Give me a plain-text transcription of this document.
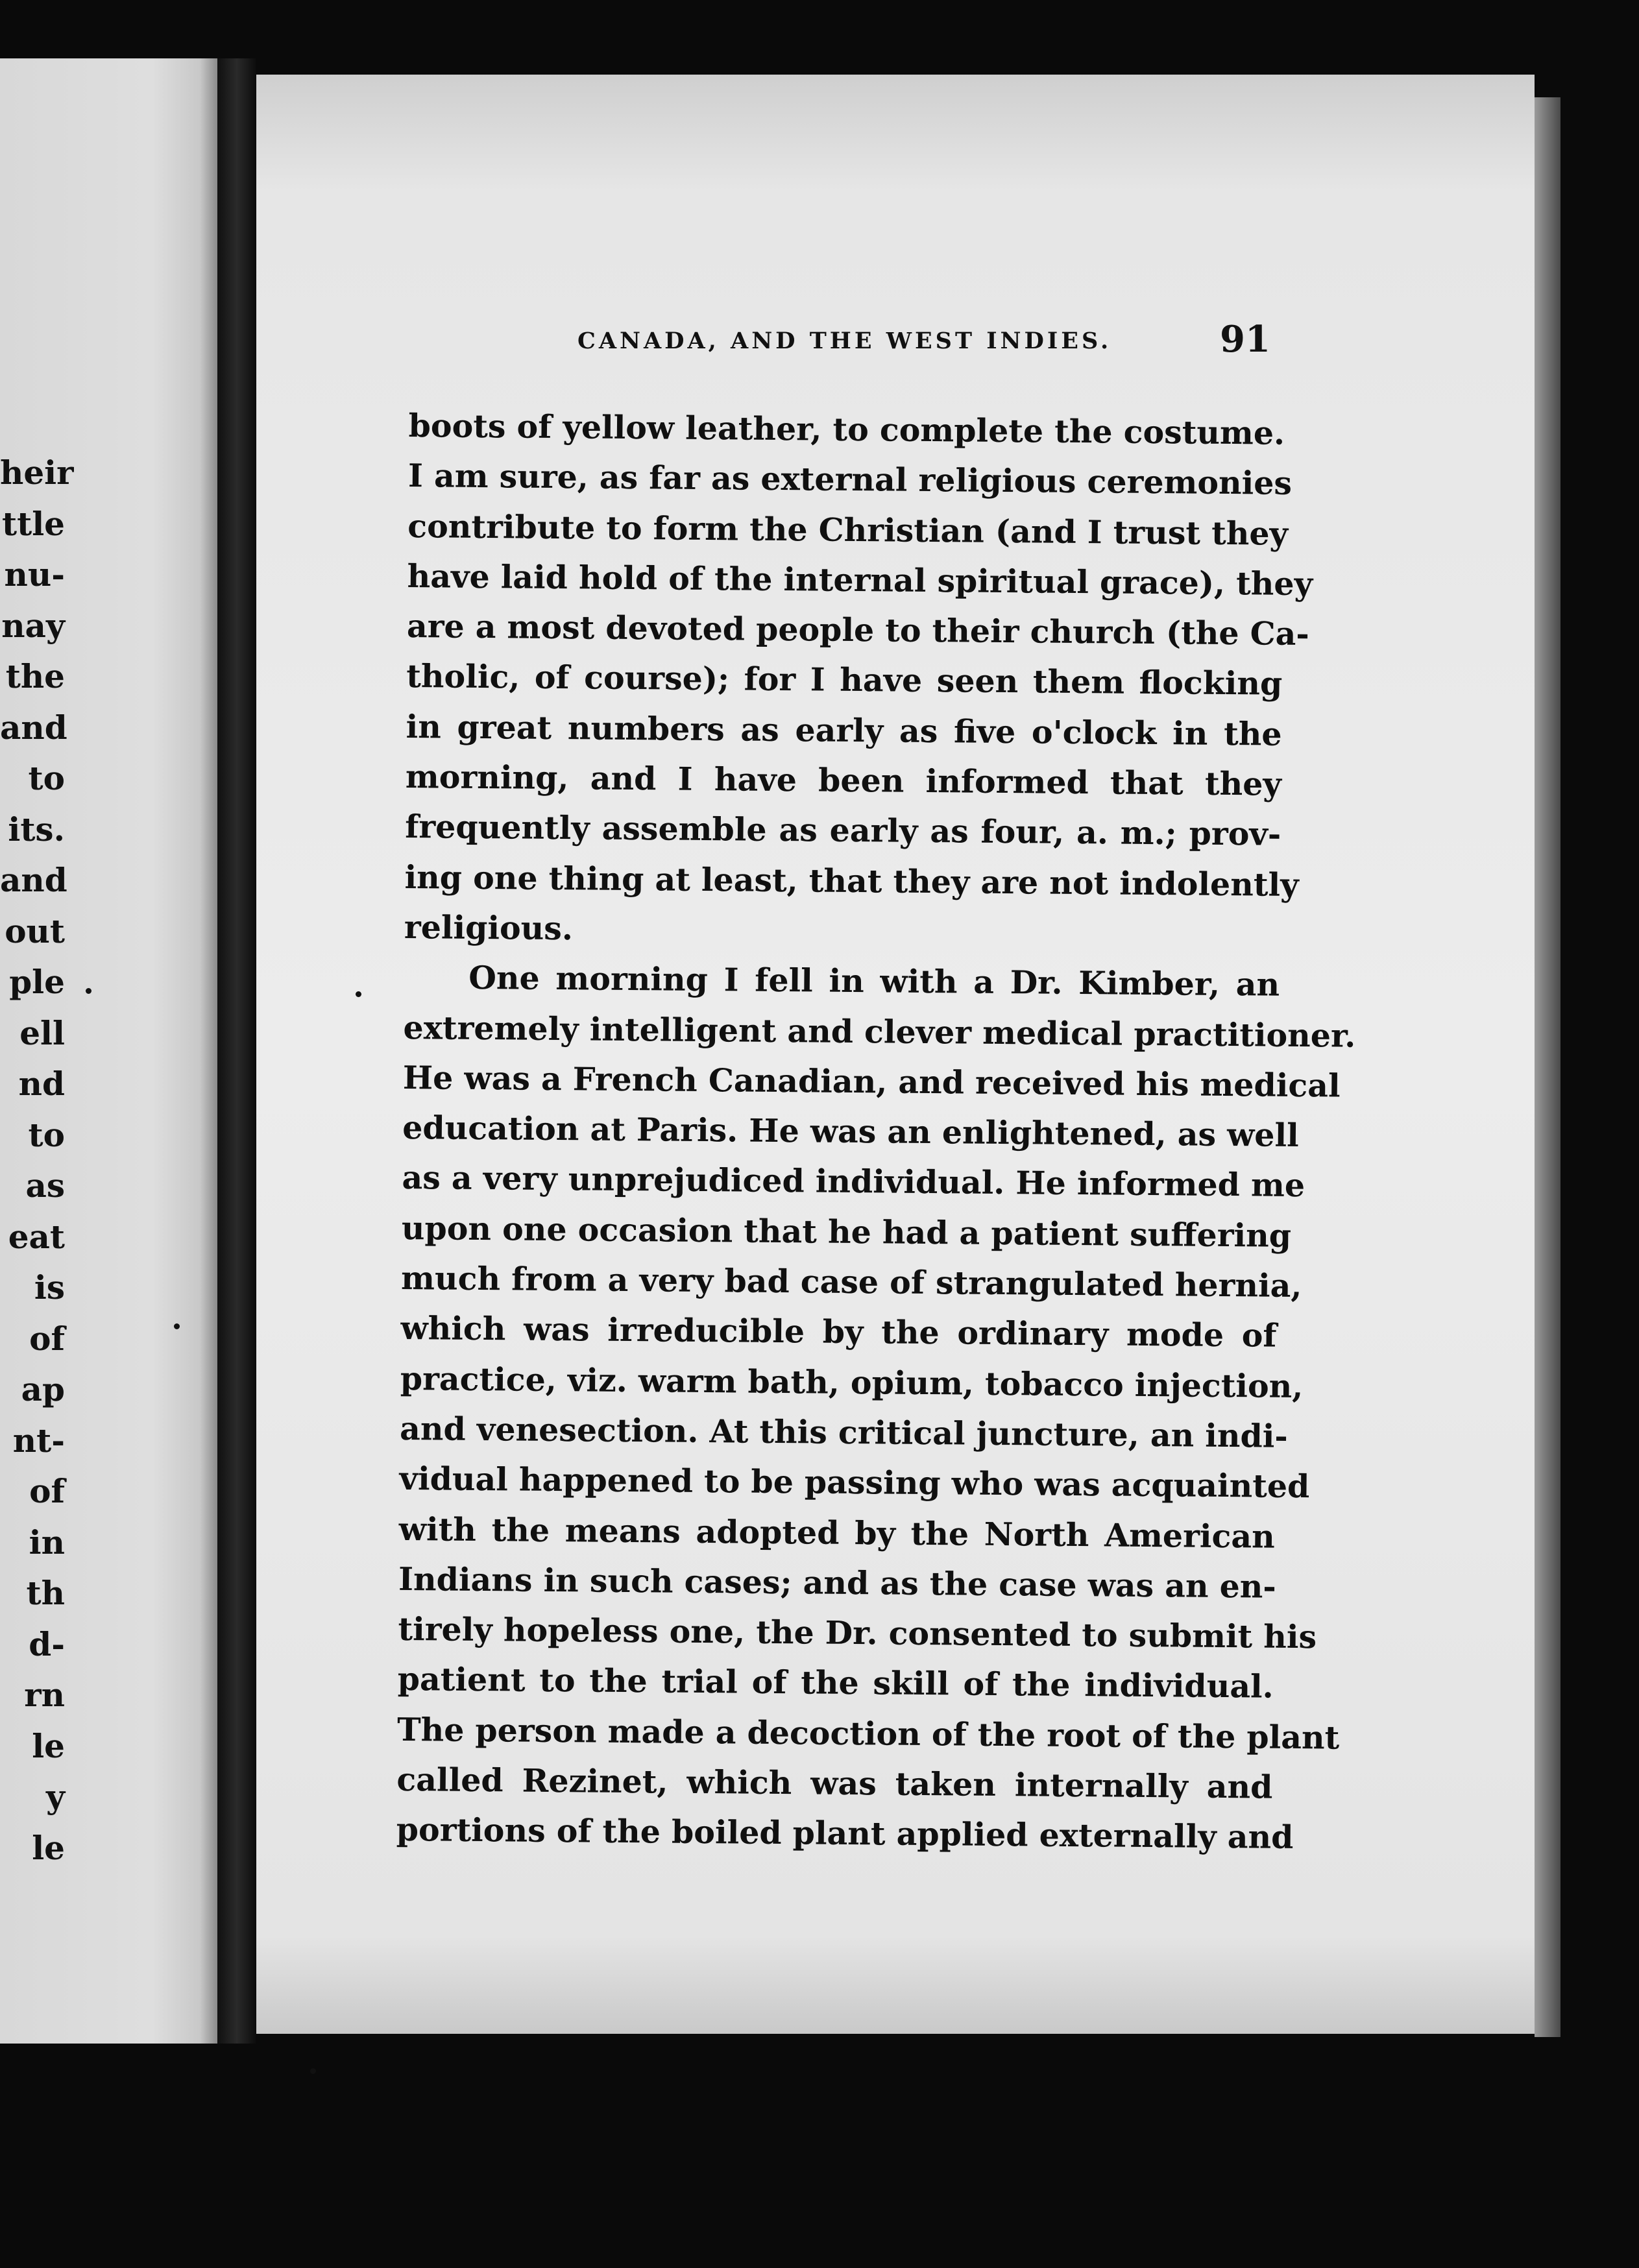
heir
ttle
nu-
nay
the
and
to
its.
and
out
ple
ell
nd
to
as
eat
is
of
ap
nt-
of
in
th
d-
rn
le
y
le
CANADA, AND THE WEST INDIES.	91
boots of yellow leather, to complete the costume.
I am sure, as far as external religious ceremonies
contribute to form the Christian (and I trust they
have laid hold of the internal spiritual grace), they
are a most devoted people to their church (the Ca-
tholic, of course); for I have seen them flocking
in great numbers as early as five o'clock in the
morning, and I have been informed that they
frequently assemble as early as four, a. m.; prov-
ing one thing at least, that they are not indolently
religious.
One morning I fell in with a Dr. Kimber, an
extremely intelligent and clever medical practitioner.
He was a French Canadian, and received his medical
education at Paris. He was an enlightened, as well
as a very unprejudiced individual. He informed me
upon one occasion that he had a patient suffering
much from a very bad case of strangulated hernia,
which was irreducible by the ordinary mode of
practice, viz. warm bath, opium, tobacco injection,
and venesection. At this critical juncture, an indi-
vidual happened to be passing who was acquainted
with the means adopted by the North American
Indians in such cases; and as the case was an en-
tirely hopeless one, the Dr. consented to submit his
patient to the trial of the skill of the individual.
The person made a decoction of the root of the plant
called Rezinet, which was taken internally and
portions of the boiled plant applied externally and
